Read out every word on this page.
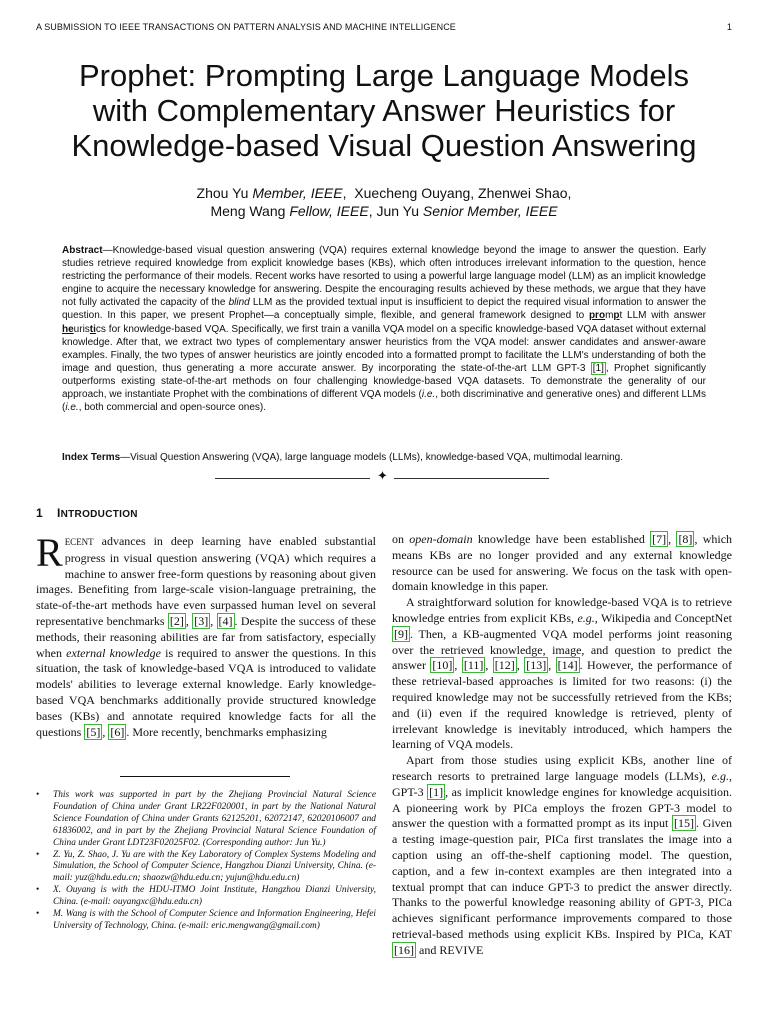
A SUBMISSION TO IEEE TRANSACTIONS ON PATTERN ANALYSIS AND MACHINE INTELLIGENCE	1
Prophet: Prompting Large Language Models
with Complementary Answer Heuristics for
Knowledge-based Visual Question Answering
Zhou Yu Member, IEEE,  Xuecheng Ouyang, Zhenwei Shao,
Meng Wang Fellow, IEEE, Jun Yu Senior Member, IEEE
Abstract—Knowledge-based visual question answering (VQA) requires external knowledge beyond the image to answer the question. Early studies retrieve required knowledge from explicit knowledge bases (KBs), which often introduces irrelevant information to the question, hence restricting the performance of their models. Recent works have resorted to using a powerful large language model (LLM) as an implicit knowledge engine to acquire the necessary knowledge for answering. Despite the encouraging results achieved by these methods, we argue that they have not fully activated the capacity of the blind LLM as the provided textual input is insufficient to depict the required visual information to answer the question. In this paper, we present Prophet—a conceptually simple, flexible, and general framework designed to prompt LLM with answer heuristics for knowledge-based VQA. Specifically, we first train a vanilla VQA model on a specific knowledge-based VQA dataset without external knowledge. After that, we extract two types of complementary answer heuristics from the VQA model: answer candidates and answer-aware examples. Finally, the two types of answer heuristics are jointly encoded into a formatted prompt to facilitate the LLM's understanding of both the image and question, thus generating a more accurate answer. By incorporating the state-of-the-art LLM GPT-3 [1] , Prophet significantly outperforms existing state-of-the-art methods on four challenging knowledge-based VQA datasets. To demonstrate the generality of our approach, we instantiate Prophet with the combinations of different VQA models (i.e., both discriminative and generative ones) and different LLMs (i.e., both commercial and open-source ones).
Index Terms—Visual Question Answering (VQA), large language models (LLMs), knowledge-based VQA, multimodal learning.
✦
1 INTRODUCTION

RECENT advances in deep learning have enabled substantial progress in visual question answering (VQA) which requires a machine to answer free-form questions by reasoning about given images. Benefiting from large-scale vision-language pretraining, the state-of-the-art methods have even surpassed human level on several representative benchmarks [2] , [3] , [4] . Despite the success of these methods, their reasoning abilities are far from satisfactory, especially when external knowledge is required to answer the questions. In this situation, the task of knowledge-based VQA is introduced to validate models' abilities to leverage external knowledge. Early knowledge-based VQA benchmarks additionally provide structured knowledge bases (KBs) and annotate required knowledge facts for all the questions [5] , [6] . More recently, benchmarks emphasizing

• This work was supported in part by the Zhejiang Provincial Natural Science Foundation of China under Grant LR22F020001, in part by the National Natural Science Foundation of China under Grants 62125201, 62072147, 62020106007 and 61836002, and in part by the Zhejiang Provincial Natural Science Foundation of China under Grant LDT23F02025F02. (Corresponding author: Jun Yu.)

• Z. Yu, Z. Shao, J. Yu are with the Key Laboratory of Complex Systems Modeling and Simulation, the School of Computer Science, Hangzhou Dianzi University, China. (e-mail: yuz@hdu.edu.cn; shaozw@hdu.edu.cn; yujun@hdu.edu.cn)

• X. Ouyang is with the HDU-ITMO Joint Institute, Hangzhou Dianzi University, China. (e-mail: ouyangxc@hdu.edu.cn)

• M. Wang is with the School of Computer Science and Information Engineering, Hefei University of Technology, China. (e-mail: eric.mengwang@gmail.com)

on open-domain knowledge have been established [7] , [8] , which means KBs are no longer provided and any external knowledge resource can be used for answering. We focus on the task with open-domain knowledge in this paper.

A straightforward solution for knowledge-based VQA is to retrieve knowledge entries from explicit KBs, e.g., Wikipedia and ConceptNet [9] . Then, a KB-augmented VQA model performs joint reasoning over the retrieved knowledge, image, and question to predict the answer [10] , [11] , [12] , [13] , [14] . However, the performance of these retrieval-based approaches is limited for two reasons: (i) the required knowledge may not be successfully retrieved from the KBs; and (ii) even if the required knowledge is retrieved, plenty of irrelevant knowledge is inevitably introduced, which hampers the learning of VQA models.

Apart from those studies using explicit KBs, another line of research resorts to pretrained large language models (LLMs), e.g., GPT-3 [1] , as implicit knowledge engines for knowledge acquisition. A pioneering work by PICa employs the frozen GPT-3 model to answer the question with a formatted prompt as its input [15] . Given a testing image-question pair, PICa first translates the image into a caption using an off-the-shelf captioning model. The question, caption, and a few in-context examples are then integrated into a textual prompt that can induce GPT-3 to predict the answer directly. Thanks to the powerful knowledge reasoning ability of GPT-3, PICa achieves significant performance improvements compared to those retrieval-based methods using explicit KBs. Inspired by PICa, KAT [16] and REVIVE
